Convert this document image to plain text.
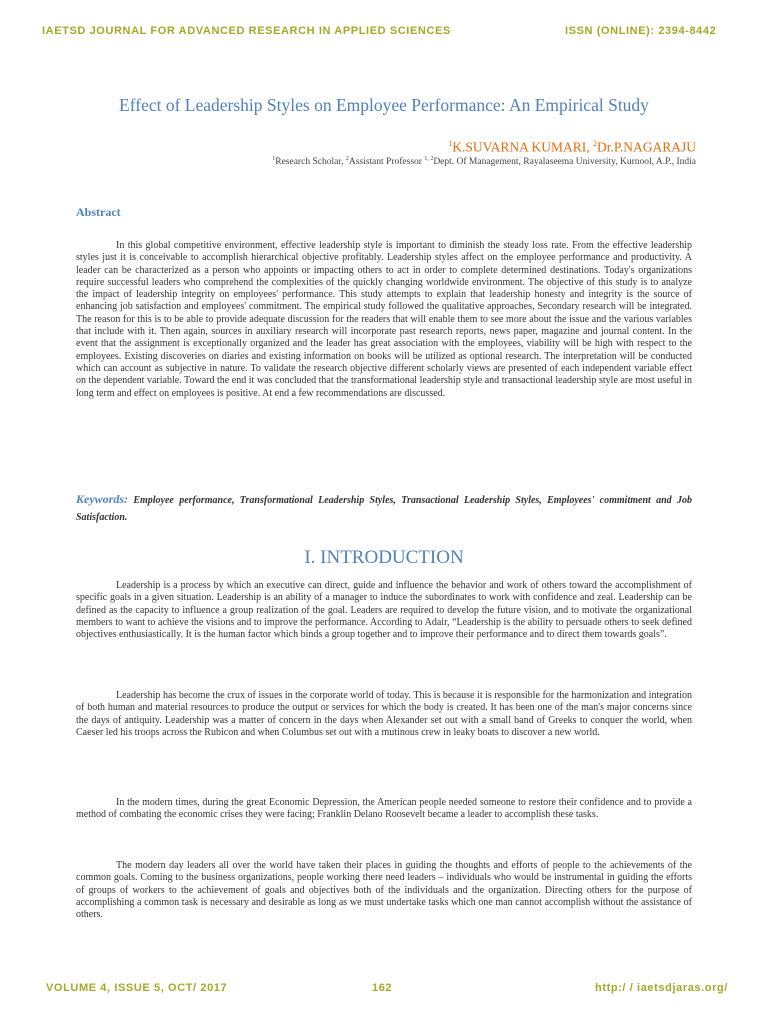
IAETSD JOURNAL FOR ADVANCED RESEARCH IN APPLIED SCIENCES	ISSN (ONLINE): 2394-8442
Effect of Leadership Styles on Employee Performance: An Empirical Study
$^1$K.SUVARNA KUMARI, $^2$Dr.P.NAGARAJU
$^1$Research Scholar, $^2$Assistant Professor $^{1, 2}$Dept. Of Management, Rayalaseema University, Kurnool, A.P., India
Abstract

In this global competitive environment, effective leadership style is important to diminish the steady loss rate. From the effective leadership styles just it is conceivable to accomplish hierarchical objective profitably. Leadership styles affect on the employee performance and productivity. A leader can be characterized as a person who appoints or impacting others to act in order to complete determined destinations. Today's organizations require successful leaders who comprehend the complexities of the quickly changing worldwide environment. The objective of this study is to analyze the impact of leadership integrity on employees' performance. This study attempts to explain that leadership honesty and integrity is the source of enhancing job satisfaction and employees' commitment. The empirical study followed the qualitative approaches, Secondary research will be integrated. The reason for this is to be able to provide adequate discussion for the readers that will enable them to see more about the issue and the various variables that include with it. Then again, sources in auxiliary research will incorporate past research reports, news paper, magazine and journal content. In the event that the assignment is exceptionally organized and the leader has great association with the employees, viability will be high with respect to the employees. Existing discoveries on diaries and existing information on books will be utilized as optional research. The interpretation will be conducted which can account as subjective in nature. To validate the research objective different scholarly views are presented of each independent variable effect on the dependent variable. Toward the end it was concluded that the transformational leadership style and transactional leadership style are most useful in long term and effect on employees is positive. At end a few recommendations are discussed.

Keywords: Employee performance, Transformational Leadership Styles, Transactional Leadership Styles, Employees' commitment and Job Satisfaction.

I. INTRODUCTION

Leadership is a process by which an executive can direct, guide and influence the behavior and work of others toward the accomplishment of specific goals in a given situation. Leadership is an ability of a manager to induce the subordinates to work with confidence and zeal. Leadership can be defined as the capacity to influence a group realization of the goal. Leaders are required to develop the future vision, and to motivate the organizational members to want to achieve the visions and to improve the performance. According to Adair, “Leadership is the ability to persuade others to seek defined objectives enthusiastically. It is the human factor which binds a group together and to improve their performance and to direct them towards goals”.

Leadership has become the crux of issues in the corporate world of today. This is because it is responsible for the harmonization and integration of both human and material resources to produce the output or services for which the body is created. It has been one of the man's major concerns since the days of antiquity. Leadership was a matter of concern in the days when Alexander set out with a small band of Greeks to conquer the world, when Caeser led his troops across the Rubicon and when Columbus set out with a mutinous crew in leaky boats to discover a new world.

In the modern times, during the great Economic Depression, the American people needed someone to restore their confidence and to provide a method of combating the economic crises they were facing; Franklin Delano Roosevelt became a leader to accomplish these tasks.

The modern day leaders all over the world have taken their places in guiding the thoughts and efforts of people to the achievements of the common goals. Coming to the business organizations, people working there need leaders – individuals who would be instrumental in guiding the efforts of groups of workers to the achievement of goals and objectives both of the individuals and the organization. Directing others for the purpose of accomplishing a common task is necessary and desirable as long as we must undertake tasks which one man cannot accomplish without the assistance of others.

VOLUME 4, ISSUE 5, OCT/ 2017	162	http:/ / iaetsdjaras.org/
